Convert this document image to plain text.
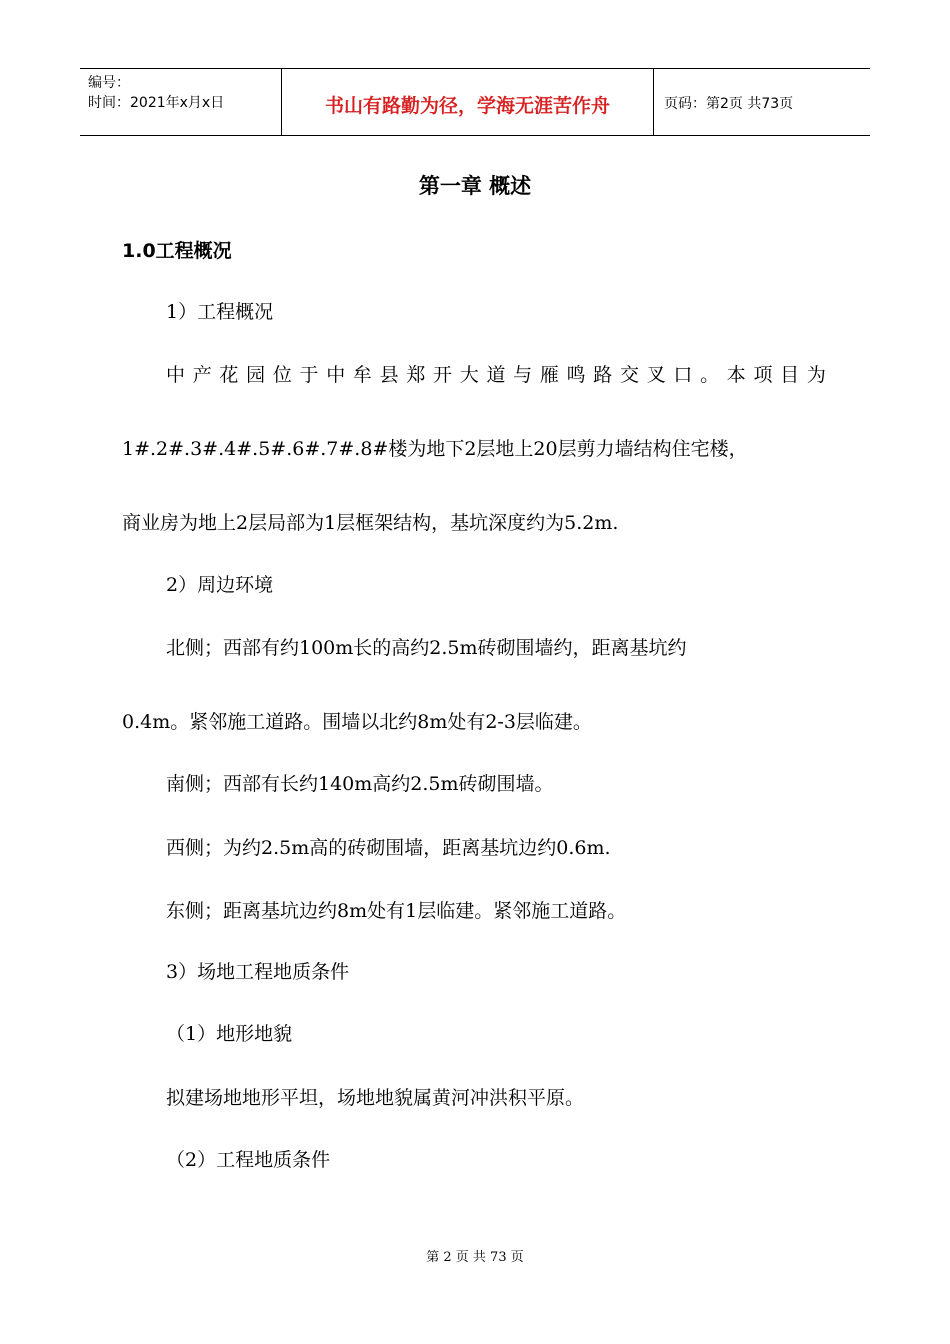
编号：
时间：2021年x月x日	书山有路勤为径，学海无涯苦作舟	页码：第2页 共73页
第一章 概述
1.0工程概况

1）工程概况

中 产 花 园 位 于 中 牟 县 郑 开 大 道 与 雁 鸣 路 交 叉 口 。 本 项 目 为

1#.2#.3#.4#.5#.6#.7#.8#楼为地下2层地上20层剪力墙结构住宅楼，

商业房为地上2层局部为1层框架结构，基坑深度约为5.2m.

2）周边环境

北侧；西部有约100m长的高约2.5m砖砌围墙约，距离基坑约

0.4m。紧邻施工道路。围墙以北约8m处有2-3层临建。

南侧；西部有长约140m高约2.5m砖砌围墙。

西侧；为约2.5m高的砖砌围墙，距离基坑边约0.6m.

东侧；距离基坑边约8m处有1层临建。紧邻施工道路。

3）场地工程地质条件

（1）地形地貌

拟建场地地形平坦，场地地貌属黄河冲洪积平原。

（2）工程地质条件

第 2 页 共 73 页
